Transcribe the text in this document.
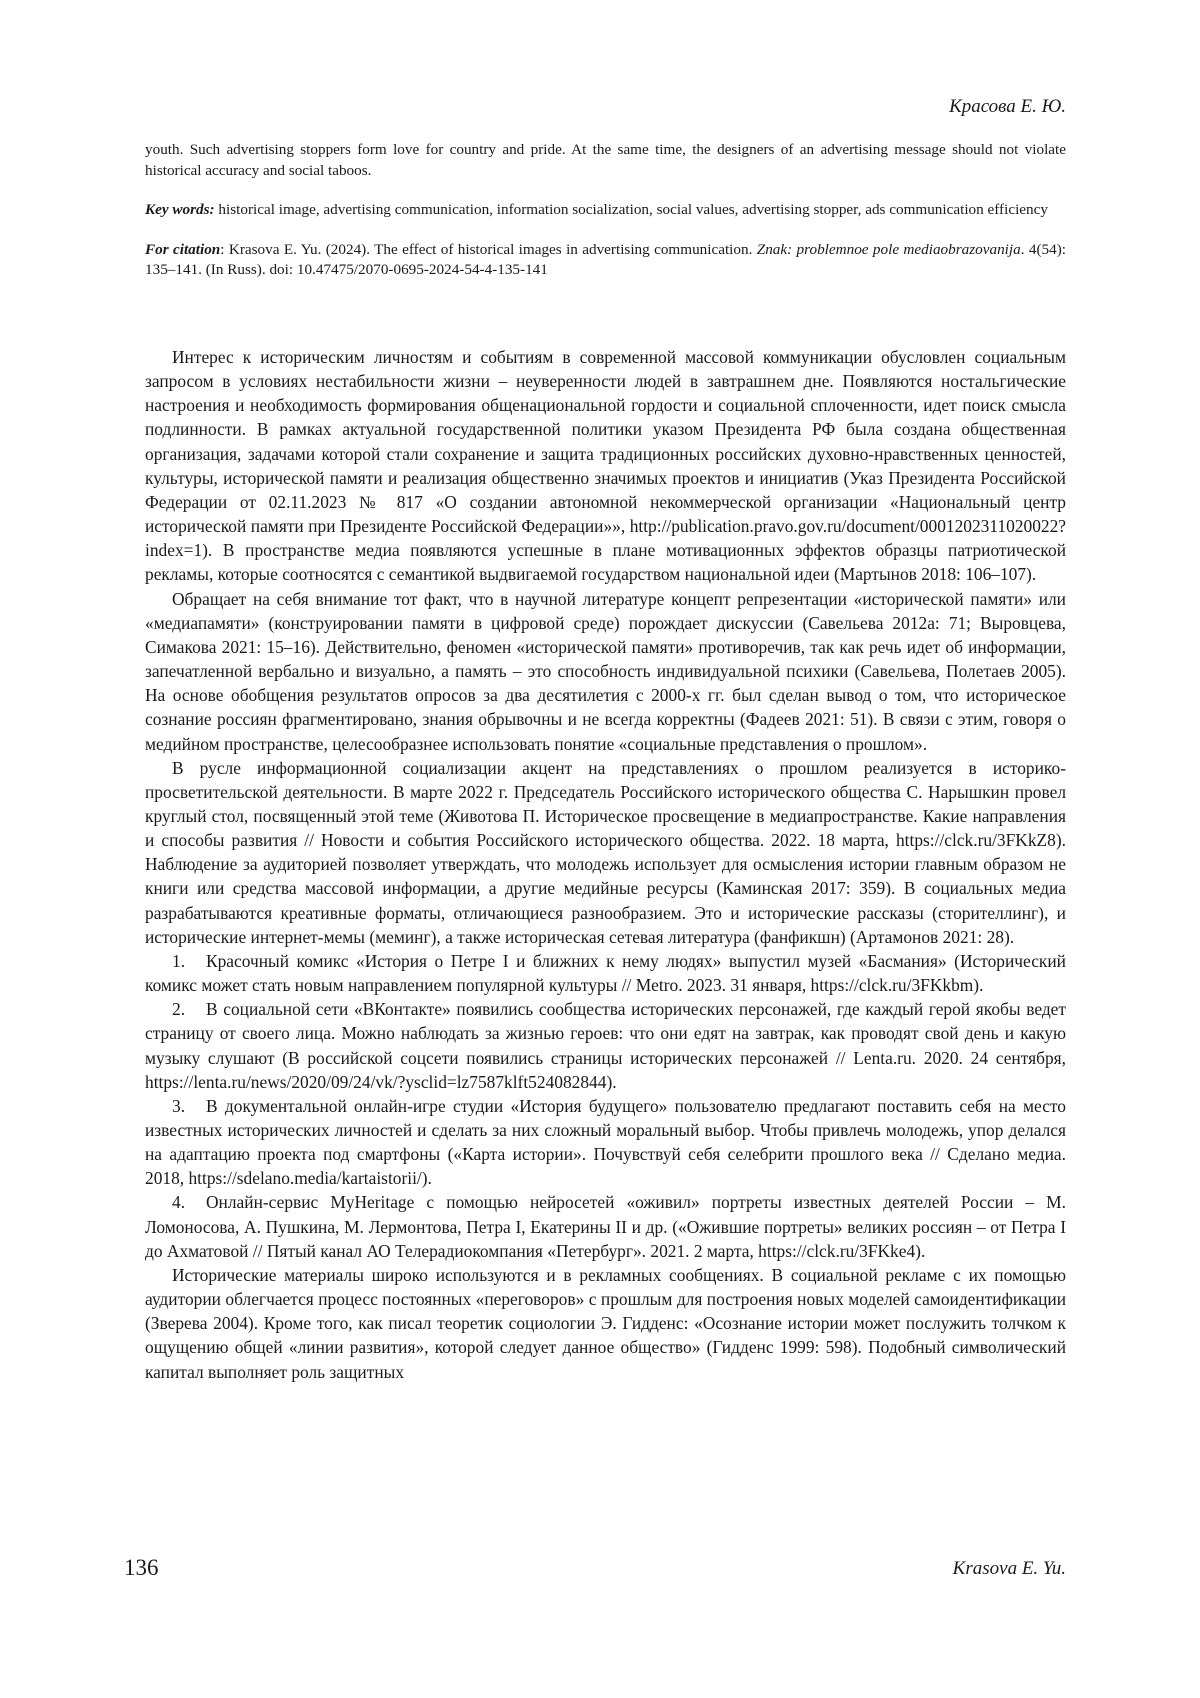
Красова Е. Ю.

youth. Such advertising stoppers form love for country and pride. At the same time, the designers of an advertising message should not violate historical accuracy and social taboos.

Key words: historical image, advertising communication, information socialization, social values, advertising stopper, ads communication efficiency

For citation: Krasova E. Yu. (2024). The effect of historical images in advertising communication. Znak: problemnoe pole mediaobrazovanija. 4(54): 135–141. (In Russ). doi: 10.47475/2070-0695-2024-54-4-135-141

Интерес к историческим личностям и событиям в современной массовой коммуникации обусловлен социальным запросом в условиях нестабильности жизни – неуверенности людей в завтрашнем дне. Появляются ностальгические настроения и необходимость формирования общенациональной гордости и социальной сплоченности, идет поиск смысла подлинности. В рамках актуальной государственной политики указом Президента РФ была создана общественная организация, задачами которой стали сохранение и защита традиционных российских духовно-нравственных ценностей, культуры, исторической памяти и реализация общественно значимых проектов и инициатив (Указ Президента Российской Федерации от 02.11.2023 № 817 «О создании автономной некоммерческой организации «Национальный центр исторической памяти при Президенте Российской Федерации»», http://publication.pravo.gov.ru/document/0001202311020022?index=1). В пространстве медиа появляются успешные в плане мотивационных эффектов образцы патриотической рекламы, которые соотносятся с семантикой выдвигаемой государством национальной идеи (Мартынов 2018: 106–107).

Обращает на себя внимание тот факт, что в научной литературе концепт репрезентации «исторической памяти» или «медиапамяти» (конструировании памяти в цифровой среде) порождает дискуссии (Савельева 2012а: 71; Выровцева, Симакова 2021: 15–16). Действительно, феномен «исторической памяти» противоречив, так как речь идет об информации, запечатленной вербально и визуально, а память – это способность индивидуальной психики (Савельева, Полетаев 2005). На основе обобщения результатов опросов за два десятилетия с 2000-х гг. был сделан вывод о том, что историческое сознание россиян фрагментировано, знания обрывочны и не всегда корректны (Фадеев 2021: 51). В связи с этим, говоря о медийном пространстве, целесообразнее использовать понятие «социальные представления о прошлом».

В русле информационной социализации акцент на представлениях о прошлом реализуется в историко-просветительской деятельности. В марте 2022 г. Председатель Российского исторического общества С. Нарышкин провел круглый стол, посвященный этой теме (Животова П. Историческое просвещение в медиапространстве. Какие направления и способы развития // Новости и события Российского исторического общества. 2022. 18 марта, https://clck.ru/3FKkZ8). Наблюдение за аудиторией позволяет утверждать, что молодежь использует для осмысления истории главным образом не книги или средства массовой информации, а другие медийные ресурсы (Каминская 2017: 359). В социальных медиа разрабатываются креативные форматы, отличающиеся разнообразием. Это и исторические рассказы (сторителлинг), и исторические интернет-мемы (меминг), а также историческая сетевая литература (фанфикшн) (Артамонов 2021: 28).

1. Красочный комикс «История о Петре I и ближних к нему людях» выпустил музей «Басмания» (Исторический комикс может стать новым направлением популярной культуры // Metro. 2023. 31 января, https://clck.ru/3FKkbm).

2. В социальной сети «ВКонтакте» появились сообщества исторических персонажей, где каждый герой якобы ведет страницу от своего лица. Можно наблюдать за жизнью героев: что они едят на завтрак, как проводят свой день и какую музыку слушают (В российской соцсети появились страницы исторических персонажей // Lenta.ru. 2020. 24 сентября, https://lenta.ru/news/2020/09/24/vk/?ysclid=lz7587klft524082844).

3. В документальной онлайн-игре студии «История будущего» пользователю предлагают поставить себя на место известных исторических личностей и сделать за них сложный моральный выбор. Чтобы привлечь молодежь, упор делался на адаптацию проекта под смартфоны («Карта истории». Почувствуй себя селебрити прошлого века // Сделано медиа. 2018, https://sdelano.media/kartaistorii/).

4. Онлайн-сервис MyHeritage с помощью нейросетей «оживил» портреты известных деятелей России – М. Ломоносова, А. Пушкина, М. Лермонтова, Петра I, Екатерины II и др. («Ожившие портреты» великих россиян – от Петра I до Ахматовой // Пятый канал АО Телерадиокомпания «Петербург». 2021. 2 марта, https://clck.ru/3FKke4).

Исторические материалы широко используются и в рекламных сообщениях. В социальной рекламе с их помощью аудитории облегчается процесс постоянных «переговоров» с прошлым для построения новых моделей самоидентификации (Зверева 2004). Кроме того, как писал теоретик социологии Э. Гидденс: «Осознание истории может послужить толчком к ощущению общей «линии развития», которой следует данное общество» (Гидденс 1999: 598). Подобный символический капитал выполняет роль защитных

136	Krasova E. Yu.
